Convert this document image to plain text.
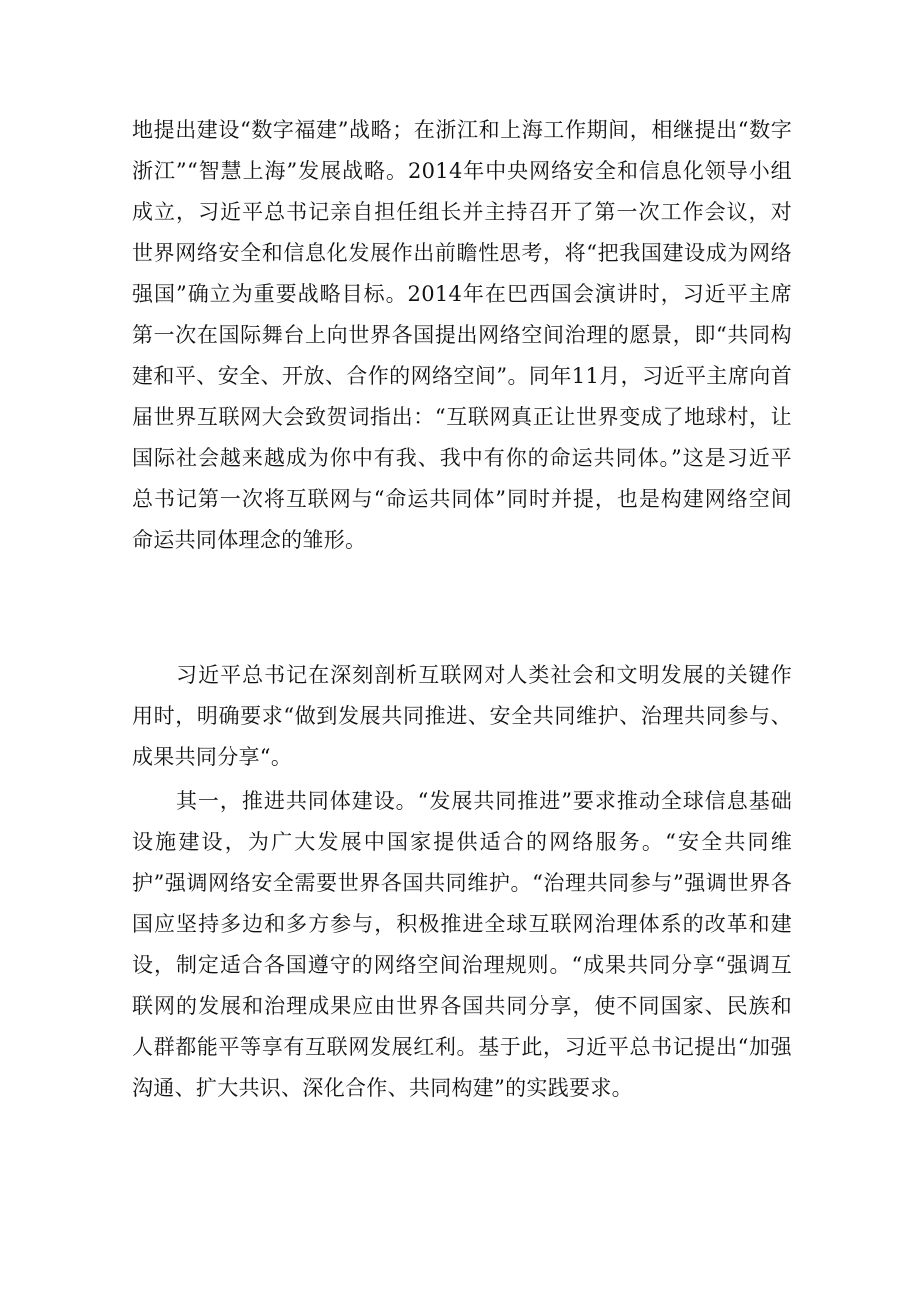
地提出建设“数字福建”战略；在浙江和上海工作期间，相继提出“数字浙江”“智慧上海”发展战略。2014年中央网络安全和信息化领导小组成立，习近平总书记亲自担任组长并主持召开了第一次工作会议，对世界网络安全和信息化发展作出前瞻性思考，将“把我国建设成为网络强国”确立为重要战略目标。2014年在巴西国会演讲时，习近平主席第一次在国际舞台上向世界各国提出网络空间治理的愿景，即“共同构建和平、安全、开放、合作的网络空间”。同年11月，习近平主席向首届世界互联网大会致贺词指出：“互联网真正让世界变成了地球村，让国际社会越来越成为你中有我、我中有你的命运共同体。”这是习近平总书记第一次将互联网与“命运共同体”同时并提，也是构建网络空间命运共同体理念的雏形。

　　习近平总书记在深刻剖析互联网对人类社会和文明发展的关键作用时，明确要求“做到发展共同推进、安全共同维护、治理共同参与、成果共同分享“。

　　其一，推进共同体建设。“发展共同推进”要求推动全球信息基础设施建设，为广大发展中国家提供适合的网络服务。“安全共同维护”强调网络安全需要世界各国共同维护。“治理共同参与”强调世界各国应坚持多边和多方参与，积极推进全球互联网治理体系的改革和建设，制定适合各国遵守的网络空间治理规则。“成果共同分享“强调互联网的发展和治理成果应由世界各国共同分享，使不同国家、民族和人群都能平等享有互联网发展红利。基于此，习近平总书记提出“加强沟通、扩大共识、深化合作、共同构建”的实践要求。
